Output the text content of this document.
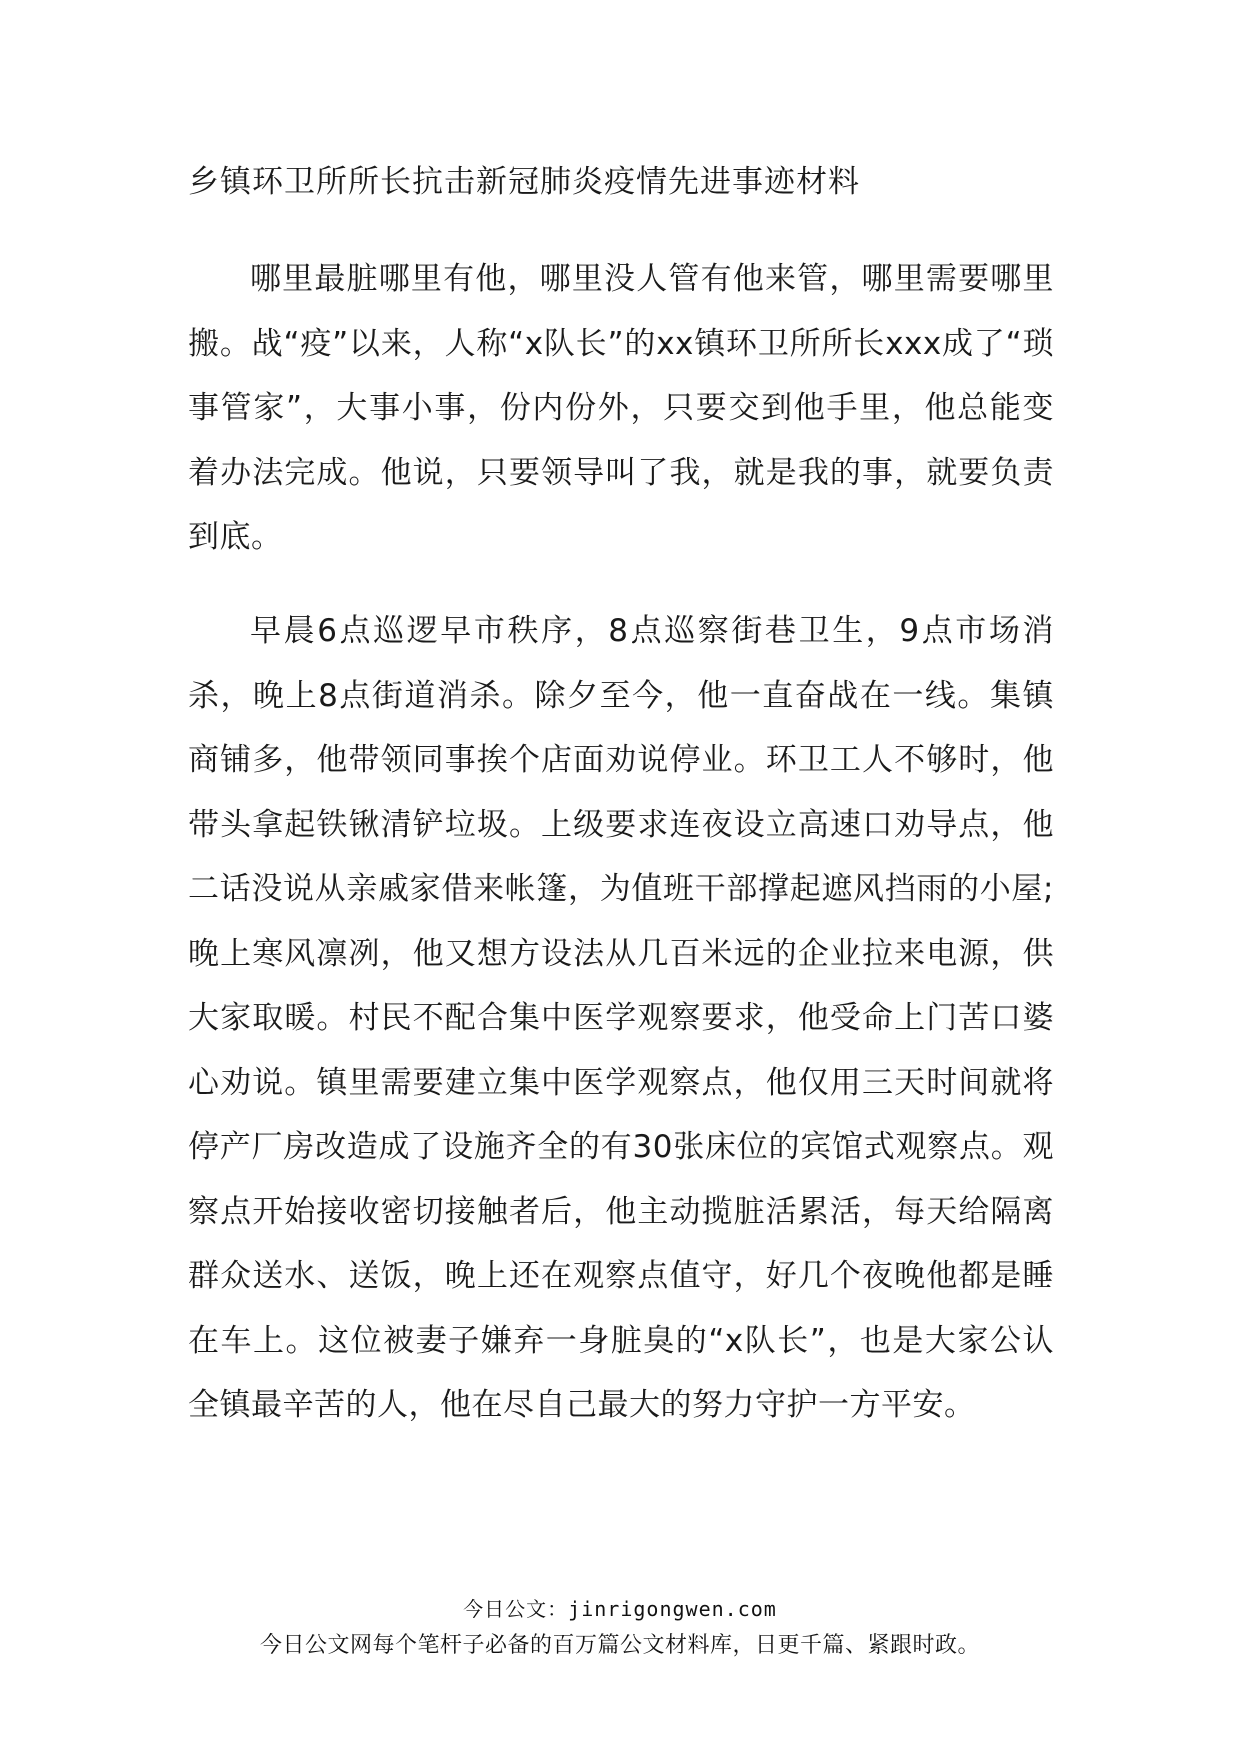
乡镇环卫所所长抗击新冠肺炎疫情先进事迹材料

哪里最脏哪里有他，哪里没人管有他来管，哪里需要哪里搬。战“疫”以来，人称“x队长”的xx镇环卫所所长xxx成了“琐事管家”，大事小事，份内份外，只要交到他手里，他总能变着办法完成。他说，只要领导叫了我，就是我的事，就要负责到底。

早晨6点巡逻早市秩序，8点巡察街巷卫生，9点市场消杀，晚上8点街道消杀。除夕至今，他一直奋战在一线。集镇商铺多，他带领同事挨个店面劝说停业。环卫工人不够时，他带头拿起铁锹清铲垃圾。上级要求连夜设立高速口劝导点，他二话没说从亲戚家借来帐篷，为值班干部撑起遮风挡雨的小屋;晚上寒风凛冽，他又想方设法从几百米远的企业拉来电源，供大家取暖。村民不配合集中医学观察要求，他受命上门苦口婆心劝说。镇里需要建立集中医学观察点，他仅用三天时间就将停产厂房改造成了设施齐全的有30张床位的宾馆式观察点。观察点开始接收密切接触者后，他主动揽脏活累活，每天给隔离群众送水、送饭，晚上还在观察点值守，好几个夜晚他都是睡在车上。这位被妻子嫌弃一身脏臭的“x队长”，也是大家公认全镇最辛苦的人，他在尽自己最大的努力守护一方平安。

今日公文：jinrigongwen.com
今日公文网每个笔杆子必备的百万篇公文材料库，日更千篇、紧跟时政。
